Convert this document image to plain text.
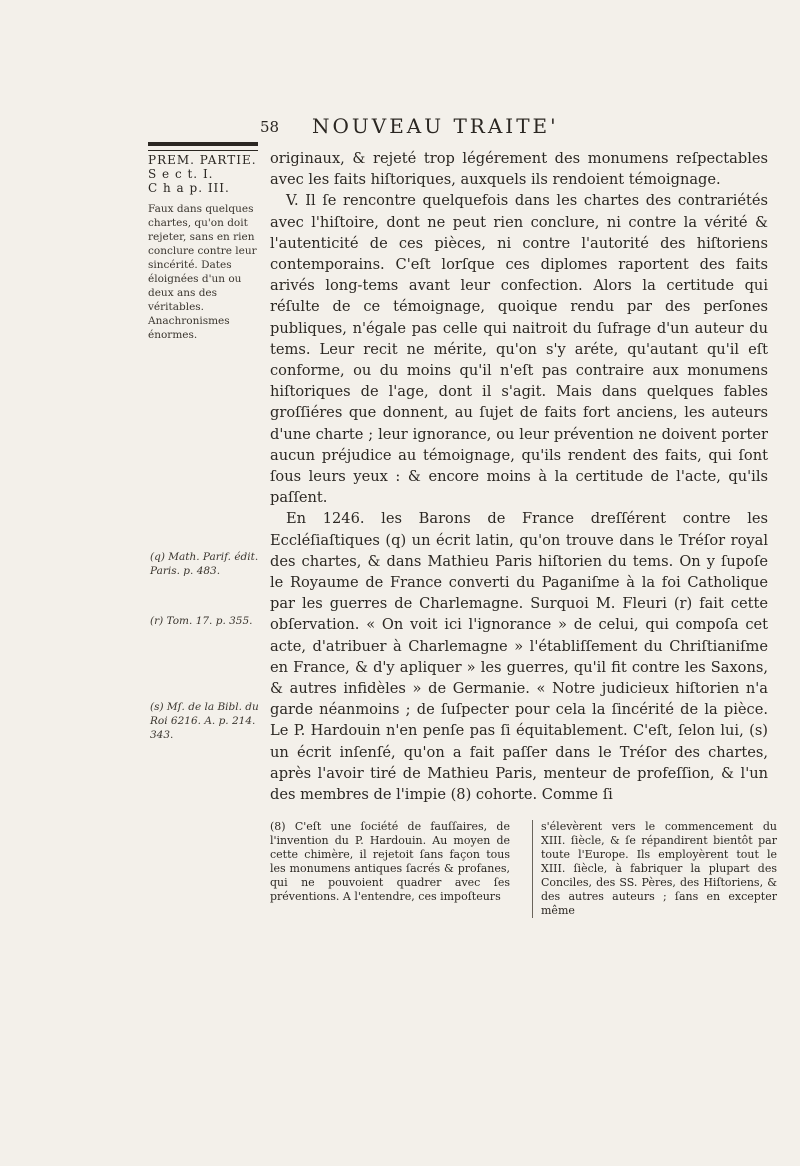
58 NOUVEAU TRAITE'
PREM. PARTIE.
S e c t. I.
C h a p. III.
Faux dans quelques chartes, qu'on doit rejeter, sans en rien conclure contre leur sincérité. Dates éloignées d'un ou deux ans des véritables. Anachronismes énormes.
(q) Math. Parif. édit. Paris. p. 483.
(r) Tom. 17. p. 355.
(s) Mſ. de la Bibl. du Roi 6216. A. p. 214. 343.

originaux, & rejeté trop légérement des monumens reſpectables avec les faits hiſtoriques, auxquels ils rendoient témoignage.

V. Il ſe rencontre quelquefois dans les chartes des contrariétés avec l'hiſtoire, dont ne peut rien conclure, ni contre la vérité & l'autenticité de ces pièces, ni contre l'autorité des hiſtoriens contemporains. C'eſt lorſque ces diplomes raportent des faits arivés long-tems avant leur confection. Alors la certitude qui réſulte de ce témoignage, quoique rendu par des perſones publiques, n'égale pas celle qui naitroit du ſufrage d'un auteur du tems. Leur recit ne mérite, qu'on s'y aréte, qu'autant qu'il eſt conforme, ou du moins qu'il n'eſt pas contraire aux monumens hiſtoriques de l'age, dont il s'agit. Mais dans quelques fables groſſiéres que donnent, au ſujet de faits fort anciens, les auteurs d'une charte ; leur ignorance, ou leur prévention ne doivent porter aucun préjudice au témoignage, qu'ils rendent des faits, qui ſont ſous leurs yeux : & encore moins à la certitude de l'acte, qu'ils paſſent.

En 1246. les Barons de France dreſſérent contre les Eccléſiaſtiques (q) un écrit latin, qu'on trouve dans le Tréſor royal des chartes, & dans Mathieu Paris hiſtorien du tems. On y ſupoſe le Royaume de France converti du Paganiſme à la foi Catholique par les guerres de Charlemagne. Surquoi M. Fleuri (r) fait cette obſervation. « On voit ici l'ignorance » de celui, qui compoſa cet acte, d'atribuer à Charlemagne » l'établiſſement du Chriſtianiſme en France, & d'y apliquer » les guerres, qu'il fit contre les Saxons, & autres infidèles » de Germanie. « Notre judicieux hiſtorien n'a garde néanmoins ; de ſuſpecter pour cela la ſincérité de la pièce. Le P. Hardouin n'en penſe pas ſi équitablement. C'eſt, ſelon lui, (s) un écrit inſenſé, qu'on a fait paſſer dans le Tréſor des chartes, après l'avoir tiré de Mathieu Paris, menteur de profeſſion, & l'un des membres de l'impie (8) cohorte. Comme ſi

(8) C'eſt une ſociété de fauſſaires, de l'invention du P. Hardouin. Au moyen de cette chimère, il rejetoit ſans façon tous les monumens antiques ſacrés & profanes, qui ne pouvoient quadrer avec ſes préventions. A l'entendre, ces impoſteurs
s'élevèrent vers le commencement du XIII. ſiècle, & ſe répandirent bientôt par toute l'Europe. Ils employèrent tout le XIII. ſiècle, à fabriquer la plupart des Conciles, des SS. Pères, des Hiſtoriens, & des autres auteurs ; ſans en excepter même
